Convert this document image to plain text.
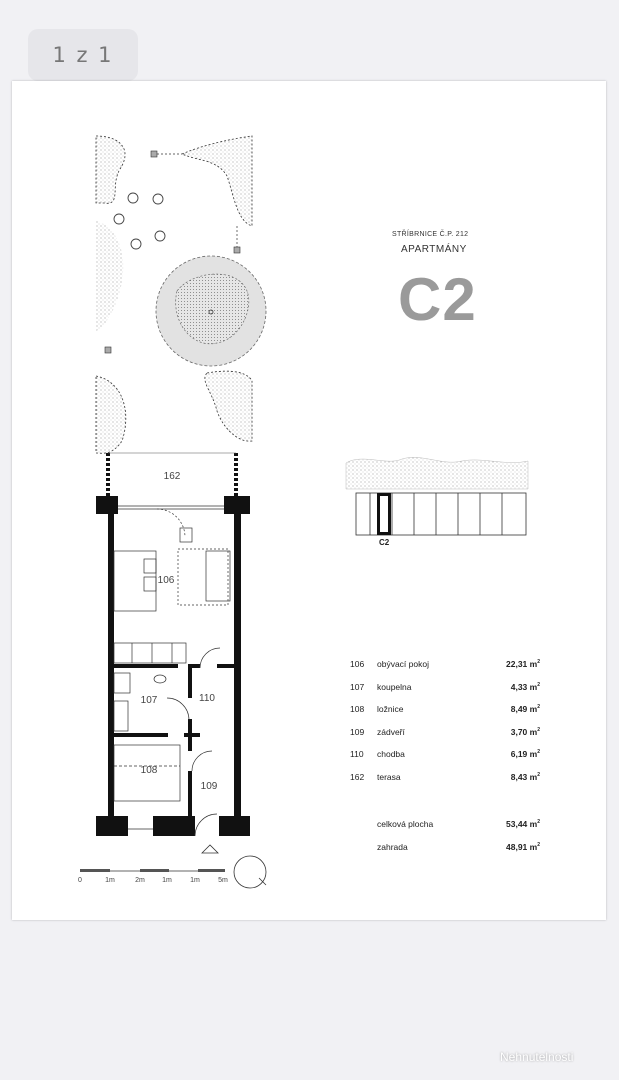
1 z 1
162
106
107	110
108
109
0	1m	2m 1m	1m	5m
STŘÍBRNICE Č.P. 212
APARTMÁNY
C2
C2
106 obývací pokoj	22,31 $m^2$
107 koupelna	4,33 $m^2$
108 ložnice	8,49 $m^2$
109 zádveří	3,70 $m^2$
110 chodba	6,19 $m^2$
162 terasa	8,43 $m^2$
celková plocha	53,44 $m^2$
zahrada	48,91 $m^2$
Nehnutelnosti
